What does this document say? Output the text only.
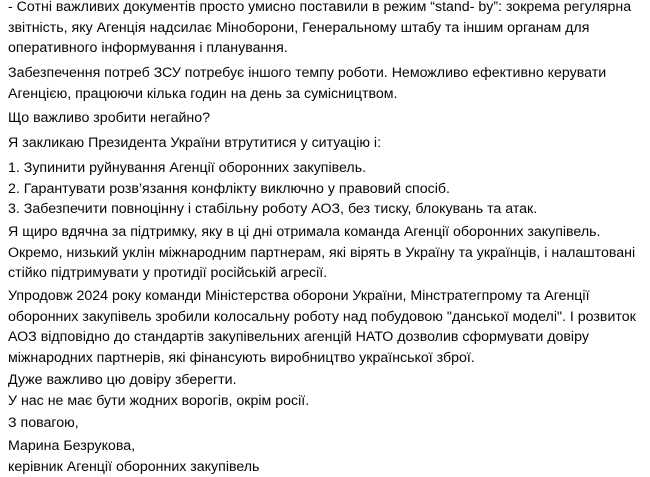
- Сотні важливих документів просто умисно поставили в режим “stand- by”: зокрема регулярна
звітність, яку Агенція надсилає Міноборони, Генеральному штабу та іншим органам для
оперативного інформування і планування.

Забезпечення потреб ЗСУ потребує іншого темпу роботи. Неможливо ефективно керувати
Агенцією, працюючи кілька годин на день за сумісництвом.

Що важливо зробити негайно?

Я закликаю Президента України втрутитися у ситуацію і:

1. Зупинити руйнування Агенції оборонних закупівель.
2. Гарантувати розв’язання конфлікту виключно у правовий спосіб.
3. Забезпечити повноцінну і стабільну роботу АОЗ, без тиску, блокувань та атак.

Я щиро вдячна за підтримку, яку в ці дні отримала команда Агенції оборонних закупівель.
Окремо, низький уклін міжнародним партнерам, які вірять в Україну та українців, і налаштовані
стійко підтримувати у протидії російській агресії.

Упродовж 2024 року команди Міністерства оборони України, Мінстратегпрому та Агенції
оборонних закупівель зробили колосальну роботу над побудовою "данської моделі". І розвиток
АОЗ відповідно до стандартів закупівельних агенцій НАТО дозволив сформувати довіру
міжнародних партнерів, які фінансують виробництво української зброї.

Дуже важливо цю довіру зберегти.
У нас не має бути жодних ворогів, окрім росії.

З повагою,

Марина Безрукова,
керівник Агенції оборонних закупівель
